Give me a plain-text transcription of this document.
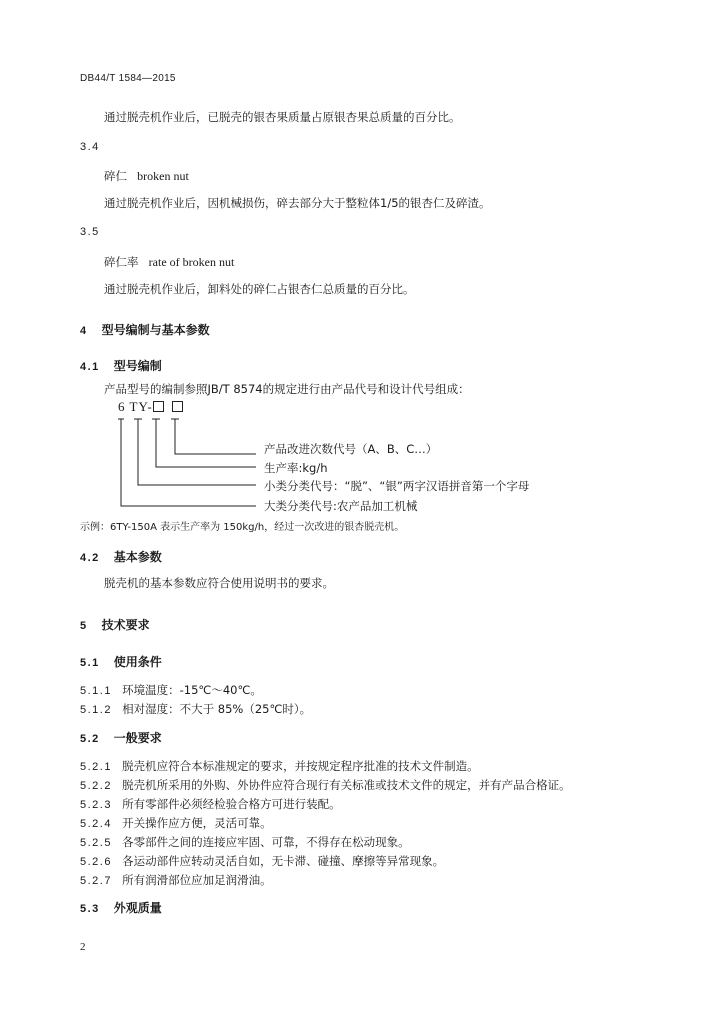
DB44/T 1584—2015
通过脱壳机作业后，已脱壳的银杏果质量占原银杏果总质量的百分比。
3.4
碎仁 broken nut
通过脱壳机作业后，因机械损伤，碎去部分大于整粒体1/5的银杏仁及碎渣。
3.5
碎仁率 rate of broken nut
通过脱壳机作业后，卸料处的碎仁占银杏仁总质量的百分比。
4 型号编制与基本参数
4.1 型号编制
产品型号的编制参照JB/T 8574的规定进行由产品代号和设计代号组成：
6 TY-
产品改进次数代号（A、B、C…）
生产率:kg/h
小类分类代号：“脱”、“银”两字汉语拼音第一个字母
大类分类代号:农产品加工机械
示例：6TY-150A 表示生产率为 150kg/h，经过一次改进的银杏脱壳机。
4.2 基本参数
脱壳机的基本参数应符合使用说明书的要求。
5 技术要求
5.1 使用条件
5.1.1 环境温度：-15℃～40℃。
5.1.2 相对湿度：不大于 85%（25℃时）。
5.2 一般要求
5.2.1 脱壳机应符合本标准规定的要求，并按规定程序批准的技术文件制造。
5.2.2 脱壳机所采用的外购、外协件应符合现行有关标准或技术文件的规定，并有产品合格证。
5.2.3 所有零部件必须经检验合格方可进行装配。
5.2.4 开关操作应方便，灵活可靠。
5.2.5 各零部件之间的连接应牢固、可靠，不得存在松动现象。
5.2.6 各运动部件应转动灵活自如，无卡滞、碰撞、摩擦等异常现象。
5.2.7 所有润滑部位应加足润滑油。
5.3 外观质量
2
